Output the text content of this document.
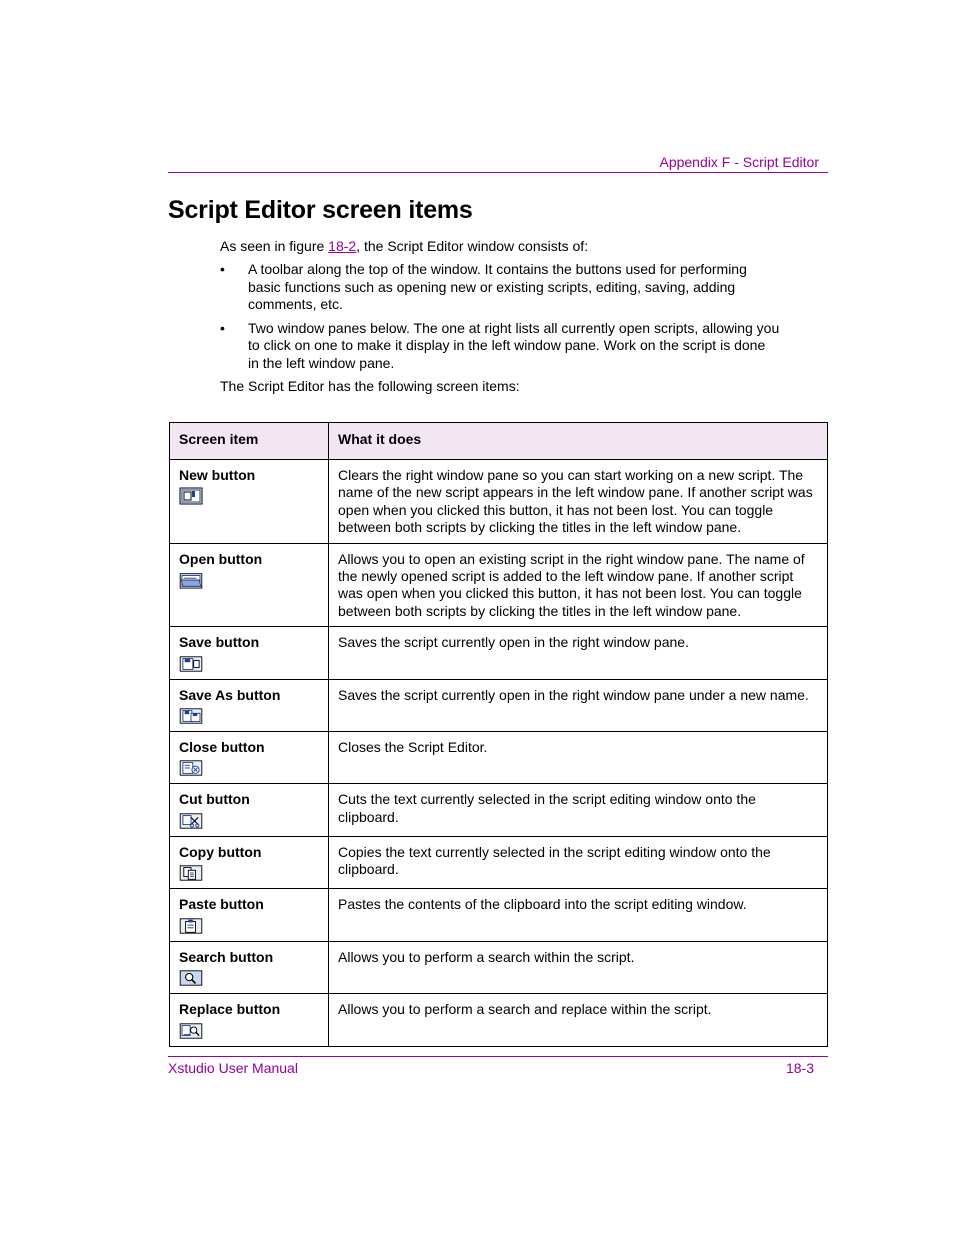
Appendix F - Script Editor
Script Editor screen items
As seen in figure 18-2, the Script Editor window consists of:
• A toolbar along the top of the window. It contains the buttons used for performing basic functions such as opening new or existing scripts, editing, saving, adding comments, etc.
• Two window panes below. The one at right lists all currently open scripts, allowing you to click on one to make it display in the left window pane. Work on the script is done in the left window pane.
The Script Editor has the following screen items:
Screen item	What it does

New button	Clears the right window pane so you can start working on a new script. The name of the new script appears in the left window pane. If another script was open when you clicked this button, it has not been lost. You can toggle between both scripts by clicking the titles in the left window pane.

Open button	Allows you to open an existing script in the right window pane. The name of the newly opened script is added to the left window pane. If another script was open when you clicked this button, it has not been lost. You can toggle between both scripts by clicking the titles in the left window pane.

Save button	Saves the script currently open in the right window pane.

Save As button	Saves the script currently open in the right window pane under a new name.

Close button	Closes the Script Editor.

Cut button	Cuts the text currently selected in the script editing window onto the clipboard.

Copy button	Copies the text currently selected in the script editing window onto the clipboard.

Paste button	Pastes the contents of the clipboard into the script editing window.

Search button	Allows you to perform a search within the script.

Replace button	Allows you to perform a search and replace within the script.
Xstudio User Manual	18-3
